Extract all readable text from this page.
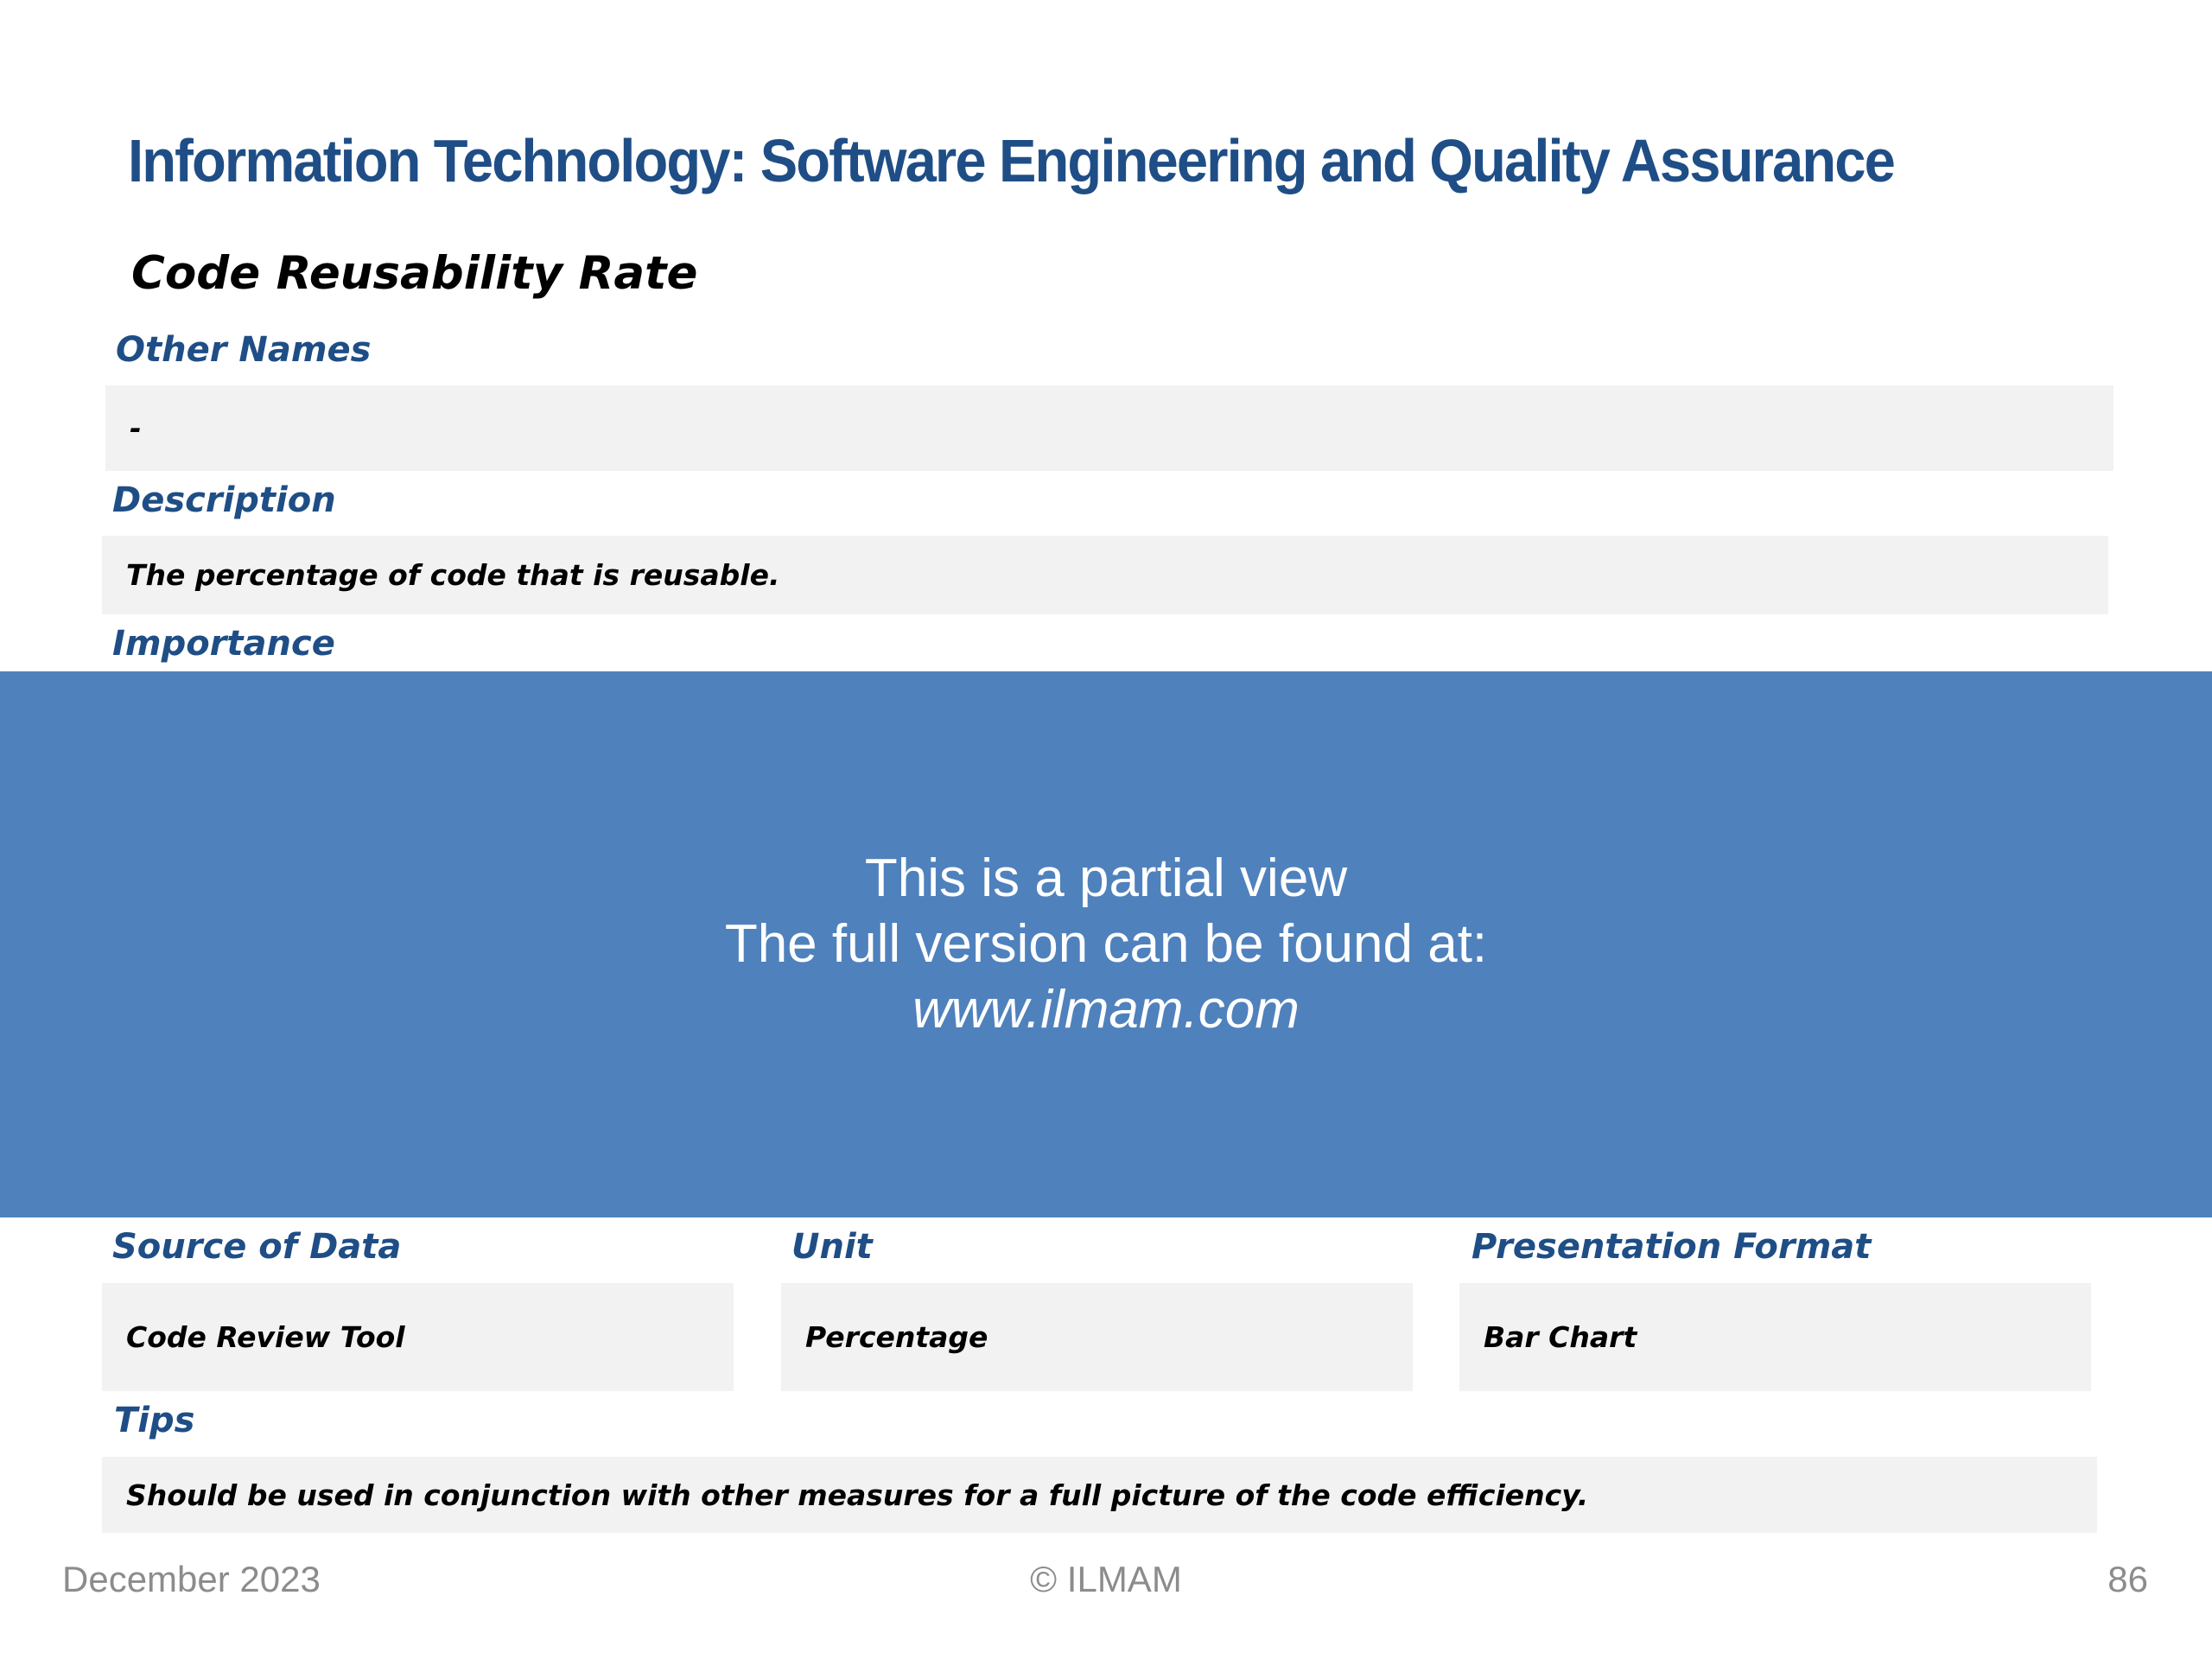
Information Technology: Software Engineering and Quality Assurance
Code Reusability Rate
Other Names
-
Description
The percentage of code that is reusable.
Importance
This is a partial view
The full version can be found at:
www.ilmam.com
Source of Data
Code Review Tool
Unit
Percentage
Presentation Format
Bar Chart
Tips
Should be used in conjunction with other measures for a full picture of the code efficiency.
December 2023	© ILMAM	86
